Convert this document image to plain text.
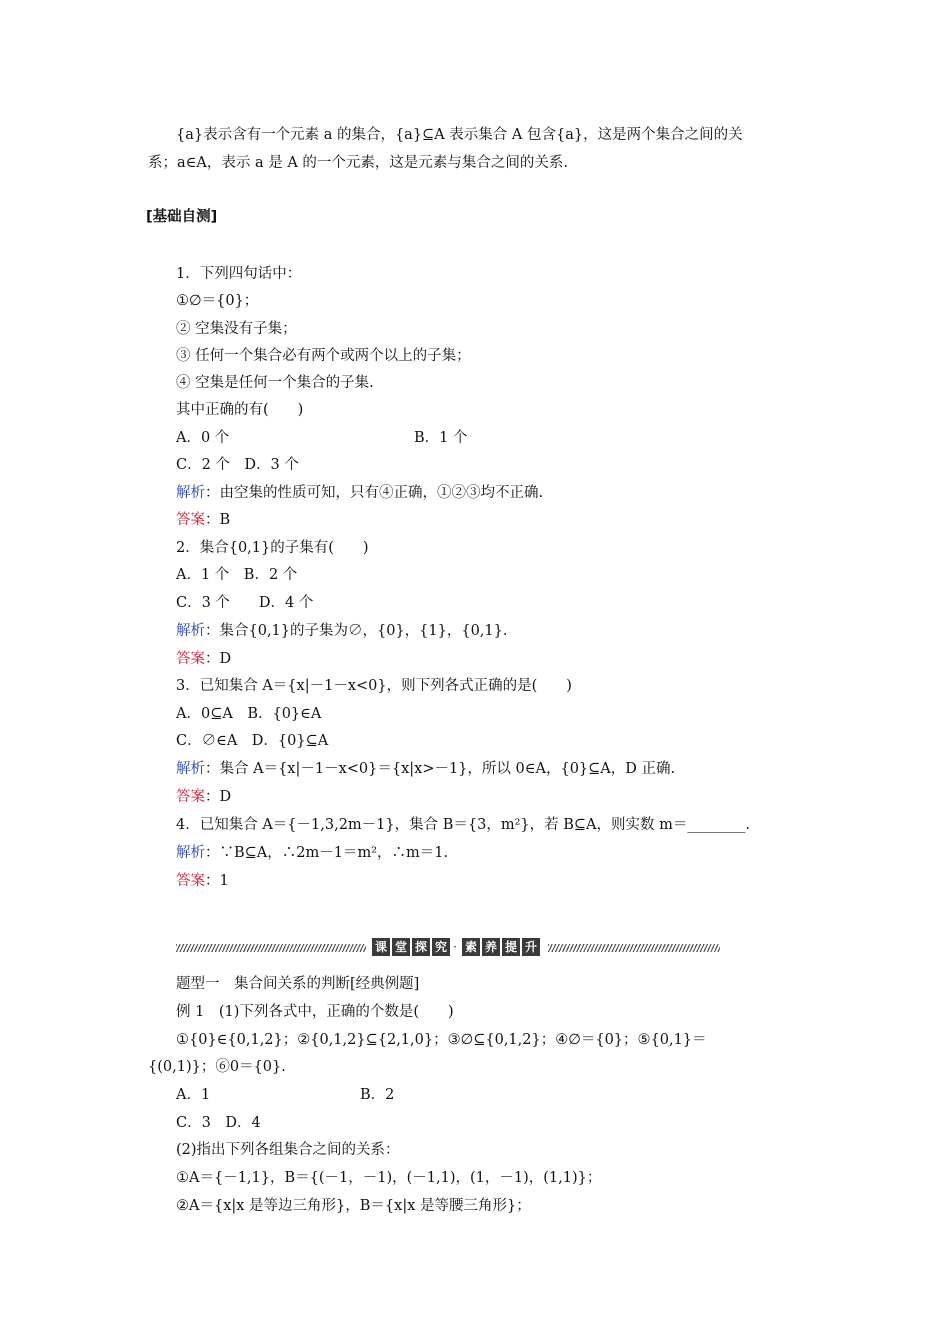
{a}表示含有一个元素 a 的集合，{a}⊆A 表示集合 A 包含{a}，这是两个集合之间的关
系；a∈A，表示 a 是 A 的一个元素，这是元素与集合之间的关系.
[基础自测]
1．下列四句话中：
①∅＝{0}；
② 空集没有子集；
③ 任何一个集合必有两个或两个以上的子集；
④ 空集是任何一个集合的子集.
其中正确的有(　　)
A．0 个	B．1 个
C．2 个　D．3 个
解析：由空集的性质可知，只有④正确，①②③均不正确.
答案：B
2．集合{0,1}的子集有(　　)
A．1 个　B．2 个
C．3 个　　D．4 个
解析：集合{0,1}的子集为∅，{0}，{1}，{0,1}.
答案：D
3．已知集合 A＝{x|－1－x<0}，则下列各式正确的是(　　)
A．0⊆A　B．{0}∈A
C．∅∈A　D．{0}⊆A
解析：集合 A＝{x|－1－x<0}＝{x|x>－1}，所以 0∈A，{0}⊆A，D 正确.
答案：D
4．已知集合 A＝{－1,3,2m－1}，集合 B＝{3，m²}，若 B⊆A，则实数 m＝________.
解析：∵B⊆A，∴2m－1＝m²，∴m＝1.
答案：1
课 堂 探 究 · 素 养 提 升
题型一　集合间关系的判断[经典例题]
例 1　(1)下列各式中，正确的个数是(　　)
①{0}∈{0,1,2}；②{0,1,2}⊆{2,1,0}；③∅⊆{0,1,2}；④∅＝{0}；⑤{0,1}＝
{(0,1)}；⑥0＝{0}.
A．1	B．2
C．3　D．4
(2)指出下列各组集合之间的关系：
①A＝{－1,1}，B＝{(－1，－1)，(－1,1)，(1，－1)，(1,1)}；
②A＝{x|x 是等边三角形}，B＝{x|x 是等腰三角形}；
